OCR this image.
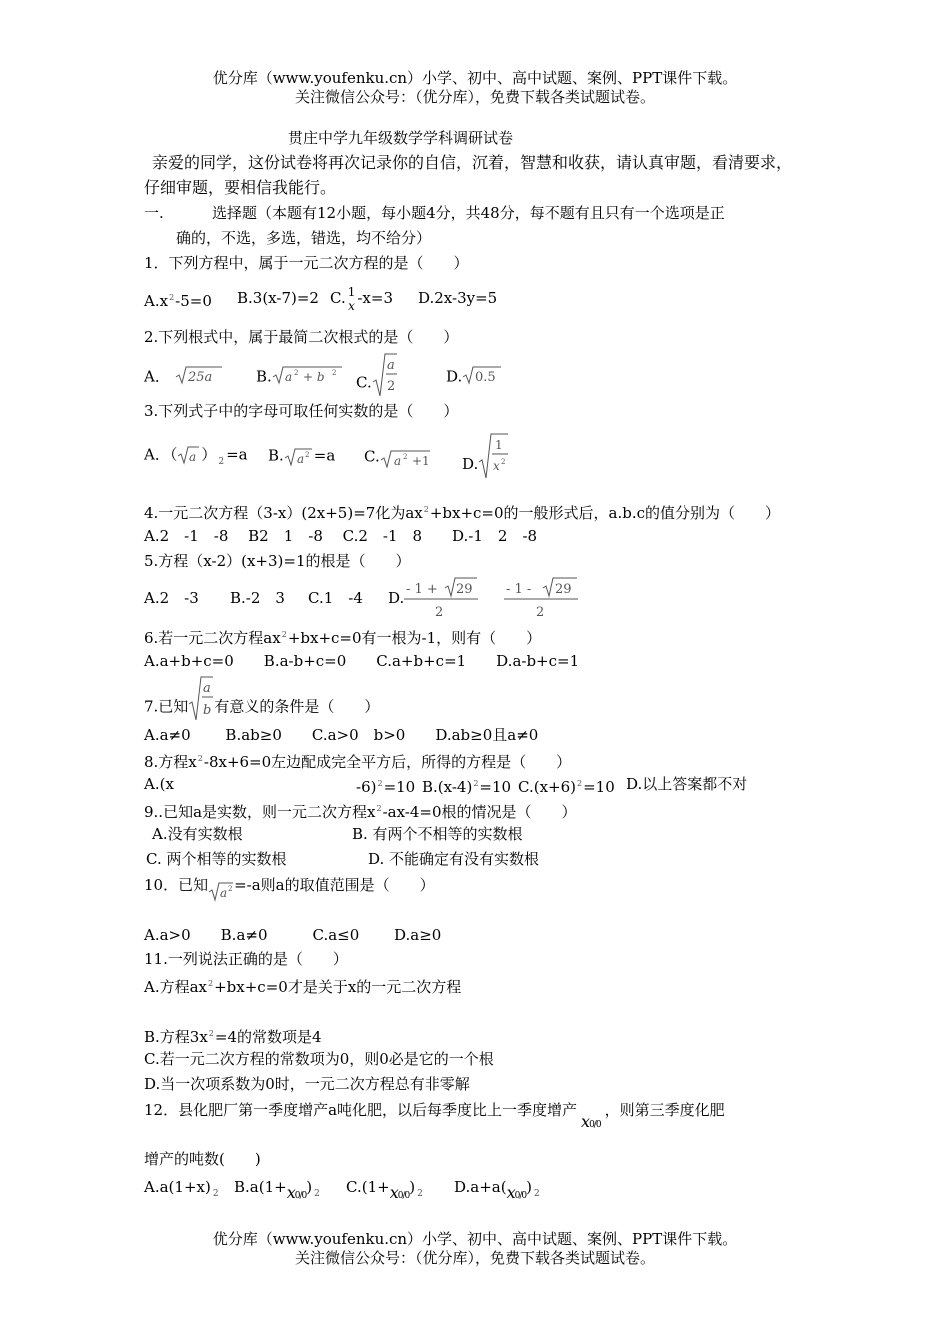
优分库（www.youfenku.cn）小学、初中、高中试题、案例、PPT课件下载。
关注微信公众号：（优分库），免费下载各类试题试卷。
贯庄中学九年级数学学科调研试卷
亲爱的同学，这份试卷将再次记录你的自信，沉着，智慧和收获，请认真审题，看清要求，
仔细审题，要相信我能行。
一.	选择题（本题有12小题，每小题4分，共48分，每不题有且只有一个选项是正
确的，不选，多选，错选，均不给分）
1．下列方程中，属于一元二次方程的是（　　）
$A.x^2-5=0$ B.3(x-7)=2 C. 1
x -x=3 D.2x-3y=5
2.下列根式中，属于最简二次根式的是（　　）
A． 25a	B. a 2 + b 2
C.
a
2
D. 0.5
3.下列式子中的字母可取任何实数的是（　　）
A．（ a ） $_2$ =a B. a 2 =a C. a 2 +1 D.
1
x 2
4.一元二次方程（3-x）(2x+5)=7化为$ax^2+bx+c=0$的一般形式后，a.b.c的值分别为（　　）
A.2　-1　-8　 B2　1　-8　 C.2　-1　8　　D.-1　2　-8
5.方程（x-2）(x+3)=1的根是（　　）
A.2　-3 B.-2　3 C.1　-4 D. - 1 + 29
2
- 1 - 29
2
6.若一元二次方程$ax^2+bx+c=0$有一根为-1，则有（　　）
A.a+b+c=0　　B.a-b+c=0　　C.a+b+c=1　　D.a-b+c=1
7.已知
a
b 有意义的条件是（　　）
A.a≠0　　 B.ab≥0　　C.a>0　b>0　　D.ab≥0且a≠0
8.方程$x^2-8x+6=0$左边配成完全平方后，所得的方程是（　　）
A.(x	-6)$^2$=10 $B.(x-4)^2=10$ $C.(x+6)^2=10$ D.以上答案都不对
9..已知a是实数，则一元二次方程$x^2-ax-4=0$根的情况是（　　）
A.没有实数根	B. 有两个不相等的实数根
C. 两个相等的实数根	D. 不能确定有没有实数根
10．已知 a 2 =-a则a的取值范围是（　　）
A.a>0　　B.a≠0　　　C.a≤0　　 D.a≥0
11.一列说法正确的是（　　）
A.方程$ax^2+bx+c=0$才是关于x的一元二次方程
B.方程$3x^2=4$的常数项是4
C.若一元二次方程的常数项为0，则0必是它的一个根
D.当一次项系数为0时，一元二次方程总有非零解
12．县化肥厂第一季度增产a吨化肥，以后每季度比上一季度增产x0/0，则第三季度化肥
增产的吨数(　　)
A.a(1+x) $_2$ B.a(1+x0/0) $_2$ C.(1+x0/0) $_2$ D.a+a(x0/0) $_2$
优分库（www.youfenku.cn）小学、初中、高中试题、案例、PPT课件下载。
关注微信公众号：（优分库），免费下载各类试题试卷。
